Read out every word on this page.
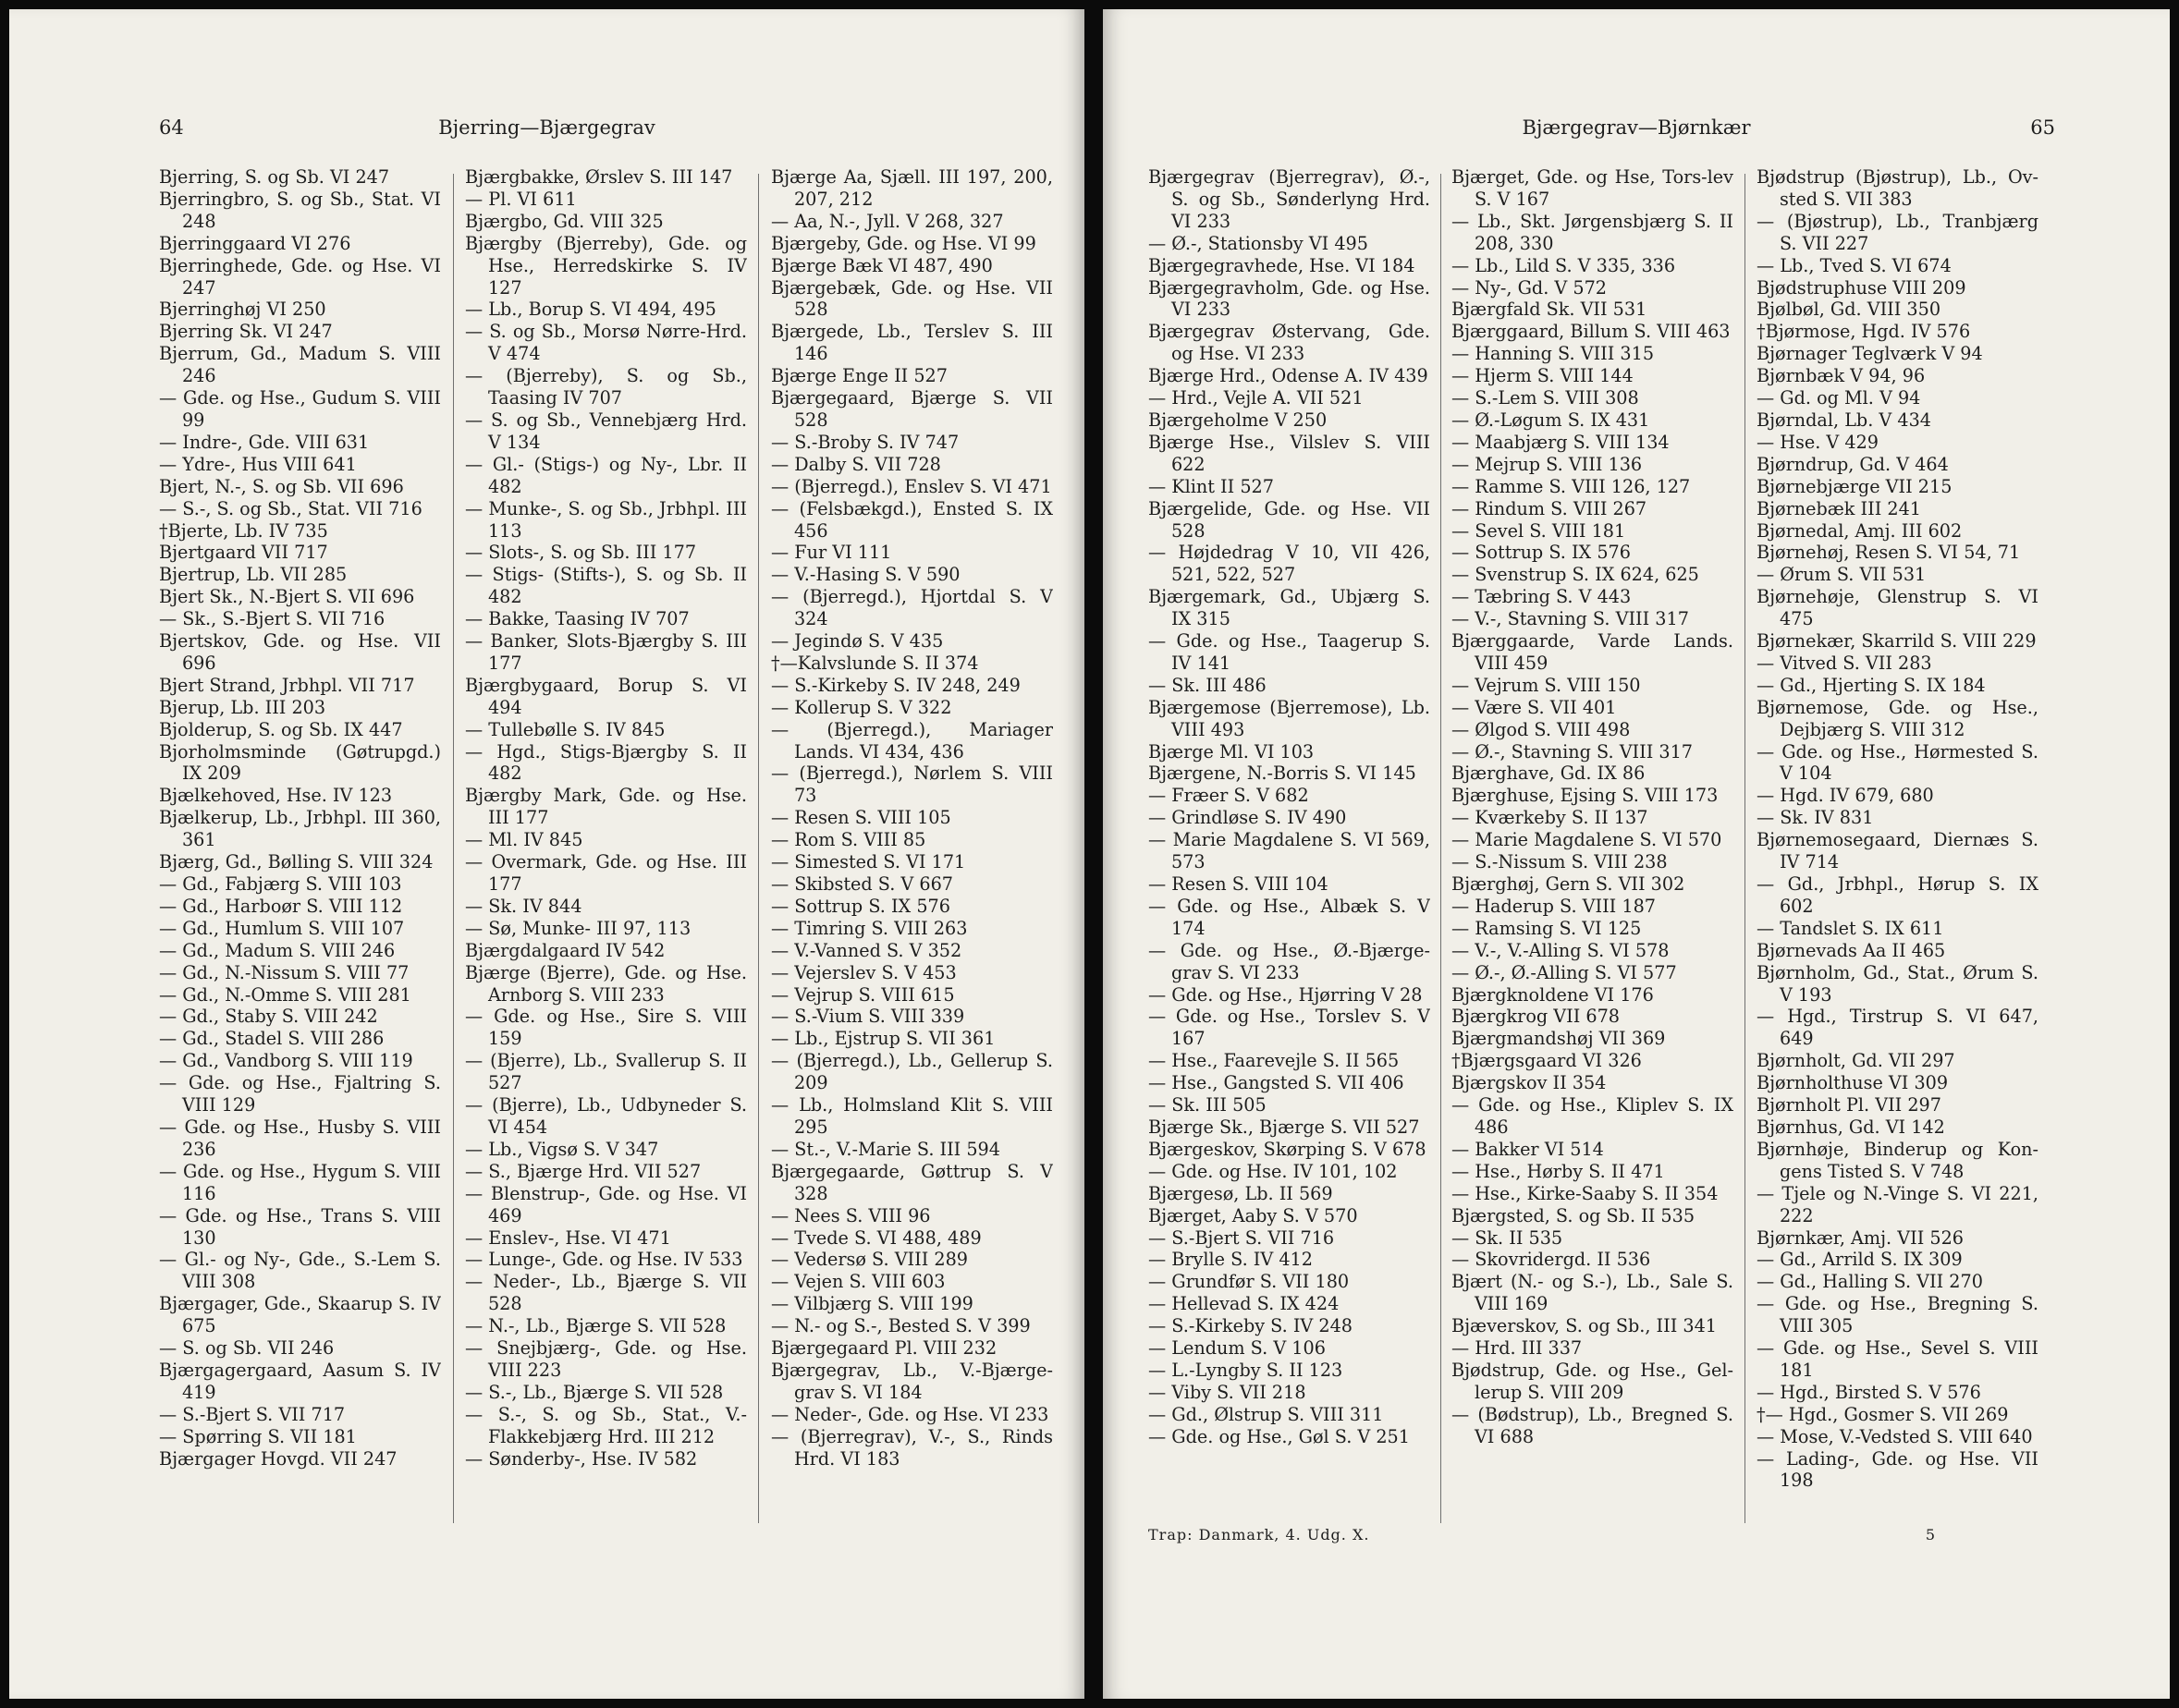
64	Bjerring—Bjærgegrav

Bjerring, S. og Sb. VI 247

Bjerringbro, S. og Sb., Stat. VI 248

Bjerringgaard VI 276

Bjerringhede, Gde. og Hse. VI 247

Bjerringhøj VI 250

Bjerring Sk. VI 247

Bjerrum, Gd., Madum S. VIII 246

— Gde. og Hse., Gudum S. VIII 99

— Indre-, Gde. VIII 631

— Ydre-, Hus VIII 641

Bjert, N.-, S. og Sb. VII 696

— S.-, S. og Sb., Stat. VII 716

†Bjerte, Lb. IV 735

Bjertgaard VII 717

Bjertrup, Lb. VII 285

Bjert Sk., N.-Bjert S. VII 696

— Sk., S.-Bjert S. VII 716

Bjertskov, Gde. og Hse. VII 696

Bjert Strand, Jrbhpl. VII 717

Bjerup, Lb. III 203

Bjolderup, S. og Sb. IX 447

Bjorholmsminde (Gøtrupgd.) IX 209

Bjælkehoved, Hse. IV 123

Bjælkerup, Lb., Jrbhpl. III 360, 361

Bjærg, Gd., Bølling S. VIII 324

— Gd., Fabjærg S. VIII 103

— Gd., Harboør S. VIII 112

— Gd., Humlum S. VIII 107

— Gd., Madum S. VIII 246

— Gd., N.-Nissum S. VIII 77

— Gd., N.-Omme S. VIII 281

— Gd., Staby S. VIII 242

— Gd., Stadel S. VIII 286

— Gd., Vandborg S. VIII 119

— Gde. og Hse., Fjaltring S. VIII 129

— Gde. og Hse., Husby S. VIII 236

— Gde. og Hse., Hygum S. VIII 116

— Gde. og Hse., Trans S. VIII 130

— Gl.- og Ny-, Gde., S.-Lem S. VIII 308

Bjærgager, Gde., Skaarup S. IV 675

— S. og Sb. VII 246

Bjærgagergaard, Aasum S. IV 419

— S.-Bjert S. VII 717

— Spørring S. VII 181

Bjærgager Hovgd. VII 247

Bjærgbakke, Ørslev S. III 147

— Pl. VI 611

Bjærgbo, Gd. VIII 325

Bjærgby (Bjerreby), Gde. og Hse., Herredskirke S. IV 127

— Lb., Borup S. VI 494, 495

— S. og Sb., Morsø Nørre-Hrd. V 474

— (Bjerreby), S. og Sb., Taasing IV 707

— S. og Sb., Vennebjærg Hrd. V 134

— Gl.- (Stigs-) og Ny-, Lbr. II 482

— Munke-, S. og Sb., Jrbhpl. III 113

— Slots-, S. og Sb. III 177

— Stigs- (Stifts-), S. og Sb. II 482

— Bakke, Taasing IV 707

— Banker, Slots-Bjærgby S. III 177

Bjærgbygaard, Borup S. VI 494

— Tullebølle S. IV 845

— Hgd., Stigs-Bjærgby S. II 482

Bjærgby Mark, Gde. og Hse. III 177

— Ml. IV 845

— Overmark, Gde. og Hse. III 177

— Sk. IV 844

— Sø, Munke- III 97, 113

Bjærgdalgaard IV 542

Bjærge (Bjerre), Gde. og Hse. Arnborg S. VIII 233

— Gde. og Hse., Sire S. VIII 159

— (Bjerre), Lb., Svallerup S. II 527

— (Bjerre), Lb., Udbyneder S. VI 454

— Lb., Vigsø S. V 347

— S., Bjærge Hrd. VII 527

— Blenstrup-, Gde. og Hse. VI 469

— Enslev-, Hse. VI 471

— Lunge-, Gde. og Hse. IV 533

— Neder-, Lb., Bjærge S. VII 528

— N.-, Lb., Bjærge S. VII 528

— Snejbjærg-, Gde. og Hse. VIII 223

— S.-, Lb., Bjærge S. VII 528

— S.-, S. og Sb., Stat., V.-Flakkebjærg Hrd. III 212

— Sønderby-, Hse. IV 582

Bjærge Aa, Sjæll. III 197, 200, 207, 212

— Aa, N.-, Jyll. V 268, 327

Bjærgeby, Gde. og Hse. VI 99

Bjærge Bæk VI 487, 490

Bjærgebæk, Gde. og Hse. VII 528

Bjærgede, Lb., Terslev S. III 146

Bjærge Enge II 527

Bjærgegaard, Bjærge S. VII 528

— S.-Broby S. IV 747

— Dalby S. VII 728

— (Bjerregd.), Enslev S. VI 471

— (Felsbækgd.), Ensted S. IX 456

— Fur VI 111

— V.-Hasing S. V 590

— (Bjerregd.), Hjortdal S. V 324

— Jegindø S. V 435

†—Kalvslunde S. II 374

— S.-Kirkeby S. IV 248, 249

— Kollerup S. V 322

— (Bjerregd.), Mariager Lands. VI 434, 436

— (Bjerregd.), Nørlem S. VIII 73

— Resen S. VIII 105

— Rom S. VIII 85

— Simested S. VI 171

— Skibsted S. V 667

— Sottrup S. IX 576

— Timring S. VIII 263

— V.-Vanned S. V 352

— Vejerslev S. V 453

— Vejrup S. VIII 615

— S.-Vium S. VIII 339

— Lb., Ejstrup S. VII 361

— (Bjerregd.), Lb., Gellerup S. 209

— Lb., Holmsland Klit S. VIII 295

— St.-, V.-Marie S. III 594

Bjærgegaarde, Gøttrup S. V 328

— Nees S. VIII 96

— Tvede S. VI 488, 489

— Vedersø S. VIII 289

— Vejen S. VIII 603

— Vilbjærg S. VIII 199

— N.- og S.-, Bested S. V 399

Bjærgegaard Pl. VIII 232

Bjærgegrav, Lb., V.-Bjærge-grav S. VI 184

— Neder-, Gde. og Hse. VI 233

— (Bjerregrav), V.-, S., Rinds Hrd. VI 183

Bjærgegrav—Bjørnkær	65

Bjærgegrav (Bjerregrav), Ø.-, S. og Sb., Sønderlyng Hrd. VI 233

— Ø.-, Stationsby VI 495

Bjærgegravhede, Hse. VI 184

Bjærgegravholm, Gde. og Hse. VI 233

Bjærgegrav Østervang, Gde. og Hse. VI 233

Bjærge Hrd., Odense A. IV 439

— Hrd., Vejle A. VII 521

Bjærgeholme V 250

Bjærge Hse., Vilslev S. VIII 622

— Klint II 527

Bjærgelide, Gde. og Hse. VII 528

— Højdedrag V 10, VII 426, 521, 522, 527

Bjærgemark, Gd., Ubjærg S. IX 315

— Gde. og Hse., Taagerup S. IV 141

— Sk. III 486

Bjærgemose (Bjerremose), Lb. VIII 493

Bjærge Ml. VI 103

Bjærgene, N.-Borris S. VI 145

— Fræer S. V 682

— Grindløse S. IV 490

— Marie Magdalene S. VI 569, 573

— Resen S. VIII 104

— Gde. og Hse., Albæk S. V 174

— Gde. og Hse., Ø.-Bjærge-grav S. VI 233

— Gde. og Hse., Hjørring V 28

— Gde. og Hse., Torslev S. V 167

— Hse., Faarevejle S. II 565

— Hse., Gangsted S. VII 406

— Sk. III 505

Bjærge Sk., Bjærge S. VII 527

Bjærgeskov, Skørping S. V 678

— Gde. og Hse. IV 101, 102

Bjærgesø, Lb. II 569

Bjærget, Aaby S. V 570

— S.-Bjert S. VII 716

— Brylle S. IV 412

— Grundfør S. VII 180

— Hellevad S. IX 424

— S.-Kirkeby S. IV 248

— Lendum S. V 106

— L.-Lyngby S. II 123

— Viby S. VII 218

— Gd., Ølstrup S. VIII 311

— Gde. og Hse., Gøl S. V 251

Bjærget, Gde. og Hse, Tors-lev S. V 167

— Lb., Skt. Jørgensbjærg S. II 208, 330

— Lb., Lild S. V 335, 336

— Ny-, Gd. V 572

Bjærgfald Sk. VII 531

Bjærggaard, Billum S. VIII 463

— Hanning S. VIII 315

— Hjerm S. VIII 144

— S.-Lem S. VIII 308

— Ø.-Løgum S. IX 431

— Maabjærg S. VIII 134

— Mejrup S. VIII 136

— Ramme S. VIII 126, 127

— Rindum S. VIII 267

— Sevel S. VIII 181

— Sottrup S. IX 576

— Svenstrup S. IX 624, 625

— Tæbring S. V 443

— V.-, Stavning S. VIII 317

Bjærggaarde, Varde Lands. VIII 459

— Vejrum S. VIII 150

— Være S. VII 401

— Ølgod S. VIII 498

— Ø.-, Stavning S. VIII 317

Bjærghave, Gd. IX 86

Bjærghuse, Ejsing S. VIII 173

— Kværkeby S. II 137

— Marie Magdalene S. VI 570

— S.-Nissum S. VIII 238

Bjærghøj, Gern S. VII 302

— Haderup S. VIII 187

— Ramsing S. VI 125

— V.-, V.-Alling S. VI 578

— Ø.-, Ø.-Alling S. VI 577

Bjærgknoldene VI 176

Bjærgkrog VII 678

Bjærgmandshøj VII 369

†Bjærgsgaard VI 326

Bjærgskov II 354

— Gde. og Hse., Kliplev S. IX 486

— Bakker VI 514

— Hse., Hørby S. II 471

— Hse., Kirke-Saaby S. II 354

Bjærgsted, S. og Sb. II 535

— Sk. II 535

— Skovridergd. II 536

Bjært (N.- og S.-), Lb., Sale S. VIII 169

Bjæverskov, S. og Sb., III 341

— Hrd. III 337

Bjødstrup, Gde. og Hse., Gel-lerup S. VIII 209

— (Bødstrup), Lb., Bregned S. VI 688

Bjødstrup (Bjøstrup), Lb., Ov-sted S. VII 383

— (Bjøstrup), Lb., Tranbjærg S. VII 227

— Lb., Tved S. VI 674

Bjødstruphuse VIII 209

Bjølbøl, Gd. VIII 350

†Bjørmose, Hgd. IV 576

Bjørnager Teglværk V 94

Bjørnbæk V 94, 96

— Gd. og Ml. V 94

Bjørndal, Lb. V 434

— Hse. V 429

Bjørndrup, Gd. V 464

Bjørnebjærge VII 215

Bjørnebæk III 241

Bjørnedal, Amj. III 602

Bjørnehøj, Resen S. VI 54, 71

— Ørum S. VII 531

Bjørnehøje, Glenstrup S. VI 475

Bjørnekær, Skarrild S. VIII 229

— Vitved S. VII 283

— Gd., Hjerting S. IX 184

Bjørnemose, Gde. og Hse., Dejbjærg S. VIII 312

— Gde. og Hse., Hørmested S. V 104

— Hgd. IV 679, 680

— Sk. IV 831

Bjørnemosegaard, Diernæs S. IV 714

— Gd., Jrbhpl., Hørup S. IX 602

— Tandslet S. IX 611

Bjørnevads Aa II 465

Bjørnholm, Gd., Stat., Ørum S. V 193

— Hgd., Tirstrup S. VI 647, 649

Bjørnholt, Gd. VII 297

Bjørnholthuse VI 309

Bjørnholt Pl. VII 297

Bjørnhus, Gd. VI 142

Bjørnhøje, Binderup og Kon-gens Tisted S. V 748

— Tjele og N.-Vinge S. VI 221, 222

Bjørnkær, Amj. VII 526

— Gd., Arrild S. IX 309

— Gd., Halling S. VII 270

— Gde. og Hse., Bregning S. VIII 305

— Gde. og Hse., Sevel S. VIII 181

— Hgd., Birsted S. V 576

†— Hgd., Gosmer S. VII 269

— Mose, V.-Vedsted S. VIII 640

— Lading-, Gde. og Hse. VII 198

Trap: Danmark, 4. Udg. X.	5
